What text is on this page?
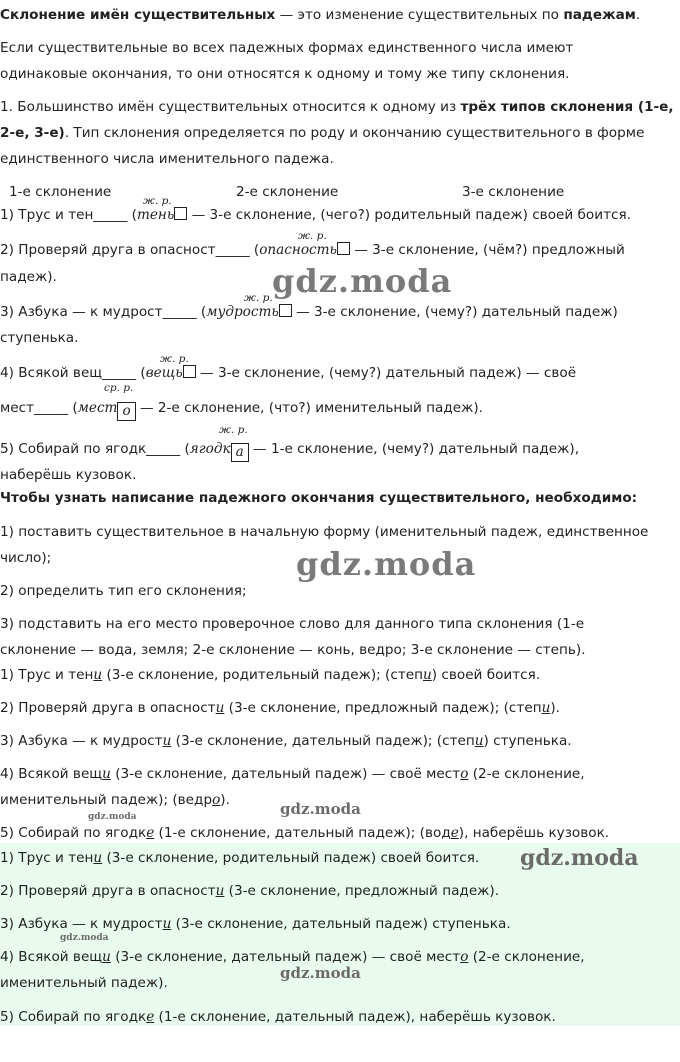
Склонение имён существительных — это изменение существительных по падежам.
Если существительные во всех падежных формах единственного числа имеют
одинаковые окончания, то они относятся к одному и тому же типу склонения.
1. Большинство имён существительных относится к одному из трёх типов склонения (1-е,
2-е, 3-е). Тип склонения определяется по роду и окончанию существительного в форме
единственного числа именительного падежа.
1-е склонение	2-е склонение	3-е склонение
ж. р.
1) Трус и тен_____ (тень — 3-е склонение, (чего?) родительный падеж) своей боится.
ж. р.
2) Проверяй друга в опасност_____ (опасность — 3-е склонение, (чём?) предложный
падеж).
ж. р.
3) Азбука — к мудрост_____ (мудрость — 3-е склонение, (чему?) дательный падеж)
ступенька.
ж. р.
4) Всякой вещ_____ (вещь — 3-е склонение, (чему?) дательный падеж) — своё
ср. р.
мест_____ (мест о — 2-е склонение, (что?) именительный падеж).
ж. р.
5) Собирай по ягодк_____ (ягодк а — 1-е склонение, (чему?) дательный падеж),
наберёшь кузовок.
Чтобы узнать написание падежного окончания существительного, необходимо:
1) поставить существительное в начальную форму (именительный падеж, единственное
число);
2) определить тип его склонения;
3) подставить на его место проверочное слово для данного типа склонения (1-е
склонение — вода, земля; 2-е склонение — конь, ведро; 3-е склонение — степь).
1) Трус и тени (3-е склонение, родительный падеж); (степи) своей боится.
2) Проверяй друга в опасности (3-е склонение, предложный падеж); (степи).
3) Азбука — к мудрости (3-е склонение, дательный падеж); (степи) ступенька.
4) Всякой вещи (3-е склонение, дательный падеж) — своё место (2-е склонение,
именительный падеж); (ведро).
5) Собирай по ягодке (1-е склонение, дательный падеж); (воде), наберёшь кузовок.
1) Трус и тени (3-е склонение, родительный падеж) своей боится.
2) Проверяй друга в опасности (3-е склонение, предложный падеж).
3) Азбука — к мудрости (3-е склонение, дательный падеж) ступенька.
4) Всякой вещи (3-е склонение, дательный падеж) — своё место (2-е склонение,
именительный падеж).
5) Собирай по ягодке (1-е склонение, дательный падеж), наберёшь кузовок.
gdz.moda
gdz.moda
gdz.moda
gdz.moda
gdz.moda
gdz.moda
gdz.moda
